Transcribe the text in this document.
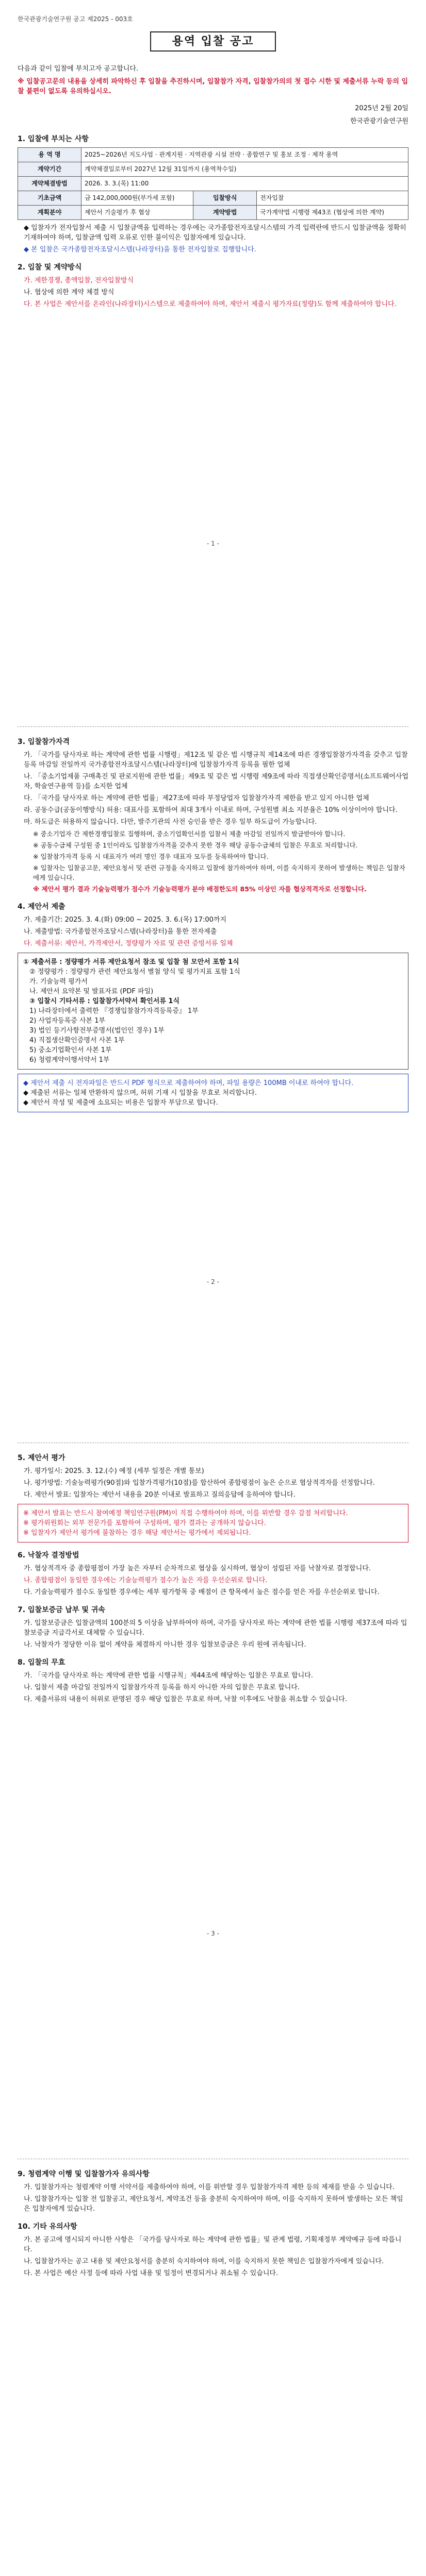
한국관광기술연구원 공고 제2025 - 003호
용역 입찰 공고
다음과 같이 입찰에 부치고자 공고합니다.
※ 입찰공고문의 내용을 상세히 파악하신 후 입찰을 추진하시며, 입찰참가 자격, 입찰참가의의 첫 접수 시한 및 제출서류 누락 등의 입찰 불편이 없도록 유의하십시오.
2025년 2월 20일
한국관광기술연구원
1. 입찰에 부치는 사항
용 역 명	2025~2026년 지도사업 · 관계지원 · 지역관광 시설 전략 · 종합연구 및 홍보 조정 · 제작 용역		
계약기간	계약체결일로부터 2027년 12월 31일까지 (용역착수일)		
계약체결방법	2026. 3. 3.(목) 11:00		
기초금액	금 142,000,000원(부가세 포함)	입찰방식	전자입찰
계획분야	제안서 기술평가 후 협상	계약방법	국가계약법 시행령 제43조 (협상에 의한 계약)
◆ 입찰자가 전자입찰서 제출 시 입찰금액을 입력하는 경우에는 국가종합전자조달시스템의 가격 입력란에 반드시 입찰금액을 정확히 기재하여야 하며, 입찰금액 입력 오류로 인한 불이익은 입찰자에게 있습니다.
◆ 본 입찰은 국가종합전자조달시스템(나라장터)을 통한 전자입찰로 집행합니다.
2. 입찰 및 계약방식
가. 제한경쟁, 총액입찰, 전자입찰방식
나. 협상에 의한 계약 체결 방식
다. 본 사업은 제안서를 온라인(나라장터)시스템으로 제출하여야 하며, 제안서 제출시 평가자료(정량)도 함께 제출하여야 합니다.
- 1 -
3. 입찰참가자격
가. 「국가를 당사자로 하는 계약에 관한 법률 시행령」제12조 및 같은 법 시행규칙 제14조에 따른 경쟁입찰참가자격을 갖추고 입찰등록 마감일 전일까지 국가종합전자조달시스템(나라장터)에 입찰참가자격 등록을 필한 업체
나. 「중소기업제품 구매촉진 및 판로지원에 관한 법률」제9조 및 같은 법 시행령 제9조에 따라 직접생산확인증명서(소프트웨어사업자, 학술연구용역 등)를 소지한 업체
다. 「국가를 당사자로 하는 계약에 관한 법률」제27조에 따라 부정당업자 입찰참가자격 제한을 받고 있지 아니한 업체
라. 공동수급(공동이행방식) 허용: 대표사를 포함하여 최대 3개사 이내로 하며, 구성원별 최소 지분율은 10% 이상이어야 합니다.
마. 하도급은 허용하지 않습니다. 다만, 발주기관의 사전 승인을 받은 경우 일부 하도급이 가능합니다.
※ 중소기업자 간 제한경쟁입찰로 집행하며, 중소기업확인서를 입찰서 제출 마감일 전일까지 발급받아야 합니다.
※ 공동수급체 구성원 중 1인이라도 입찰참가자격을 갖추지 못한 경우 해당 공동수급체의 입찰은 무효로 처리합니다.
※ 입찰참가자격 등록 시 대표자가 여러 명인 경우 대표자 모두를 등록하여야 합니다.
※ 입찰자는 입찰공고문, 제안요청서 및 관련 규정을 숙지하고 입찰에 참가하여야 하며, 이를 숙지하지 못하여 발생하는 책임은 입찰자에게 있습니다.
※ 제안서 평가 결과 기술능력평가 점수가 기술능력평가 분야 배점한도의 85% 이상인 자를 협상적격자로 선정합니다.
4. 제안서 제출
가. 제출기간: 2025. 3. 4.(화) 09:00 ~ 2025. 3. 6.(목) 17:00까지
나. 제출방법: 국가종합전자조달시스템(나라장터)을 통한 전자제출
다. 제출서류: 제안서, 가격제안서, 정량평가 자료 및 관련 증빙서류 일체
① 제출서류 : 정량평가 서류 제안요청서 참조 및 입찰 첨 모안서 포함 1식
② 정량평가 : 정량평가 관련 제안요청서 별첨 양식 및 평가지표 포함 1식
가. 기술능력 평가서
나. 제안서 요약본 및 발표자료 (PDF 파일)
③ 입찰시 기타서류 : 입찰참가서약서 확인서류 1식
1) 나라장터에서 출력한 『경쟁입찰참가자격등록증』 1부
2) 사업자등록증 사본 1부
3) 법인 등기사항전부증명서(법인인 경우) 1부
4) 직접생산확인증명서 사본 1부
5) 중소기업확인서 사본 1부
6) 청렴계약이행서약서 1부
◆ 제안서 제출 시 전자파일은 반드시 PDF 형식으로 제출하여야 하며, 파일 용량은 100MB 이내로 하여야 합니다.
◆ 제출된 서류는 일체 반환하지 않으며, 허위 기재 시 입찰을 무효로 처리합니다.
◆ 제안서 작성 및 제출에 소요되는 비용은 입찰자 부담으로 합니다.
- 2 -
5. 제안서 평가
가. 평가일시: 2025. 3. 12.(수) 예정 (세부 일정은 개별 통보)
나. 평가방법: 기술능력평가(90점)와 입찰가격평가(10점)를 합산하여 종합평점이 높은 순으로 협상적격자를 선정합니다.
다. 제안서 발표: 입찰자는 제안서 내용을 20분 이내로 발표하고 질의응답에 응하여야 합니다.
※ 제안서 발표는 반드시 참여예정 책임연구원(PM)이 직접 수행하여야 하며, 이를 위반할 경우 감점 처리합니다.
※ 평가위원회는 외부 전문가를 포함하여 구성하며, 평가 결과는 공개하지 않습니다.
※ 입찰자가 제안서 평가에 불참하는 경우 해당 제안서는 평가에서 제외됩니다.
6. 낙찰자 결정방법
가. 협상적격자 중 종합평점이 가장 높은 자부터 순차적으로 협상을 실시하며, 협상이 성립된 자를 낙찰자로 결정합니다.
나. 종합평점이 동일한 경우에는 기술능력평가 점수가 높은 자를 우선순위로 합니다.
다. 기술능력평가 점수도 동일한 경우에는 세부 평가항목 중 배점이 큰 항목에서 높은 점수를 얻은 자를 우선순위로 합니다.
7. 입찰보증금 납부 및 귀속
가. 입찰보증금은 입찰금액의 100분의 5 이상을 납부하여야 하며, 국가를 당사자로 하는 계약에 관한 법률 시행령 제37조에 따라 입찰보증금 지급각서로 대체할 수 있습니다.
나. 낙찰자가 정당한 이유 없이 계약을 체결하지 아니한 경우 입찰보증금은 우리 원에 귀속됩니다.
8. 입찰의 무효
가. 「국가를 당사자로 하는 계약에 관한 법률 시행규칙」제44조에 해당하는 입찰은 무효로 합니다.
나. 입찰서 제출 마감일 전일까지 입찰참가자격 등록을 하지 아니한 자의 입찰은 무효로 합니다.
다. 제출서류의 내용이 허위로 판명된 경우 해당 입찰은 무효로 하며, 낙찰 이후에도 낙찰을 취소할 수 있습니다.
- 3 -
9. 청렴계약 이행 및 입찰참가자 유의사항
가. 입찰참가자는 청렴계약 이행 서약서를 제출하여야 하며, 이를 위반할 경우 입찰참가자격 제한 등의 제재를 받을 수 있습니다.
나. 입찰참가자는 입찰 전 입찰공고, 제안요청서, 계약조건 등을 충분히 숙지하여야 하며, 이를 숙지하지 못하여 발생하는 모든 책임은 입찰자에게 있습니다.
10. 기타 유의사항
가. 본 공고에 명시되지 아니한 사항은 「국가를 당사자로 하는 계약에 관한 법률」및 관계 법령, 기획재정부 계약예규 등에 따릅니다.
나. 입찰참가자는 공고 내용 및 제안요청서를 충분히 숙지하여야 하며, 이를 숙지하지 못한 책임은 입찰참가자에게 있습니다.
다. 본 사업은 예산 사정 등에 따라 사업 내용 및 일정이 변경되거나 취소될 수 있습니다.
